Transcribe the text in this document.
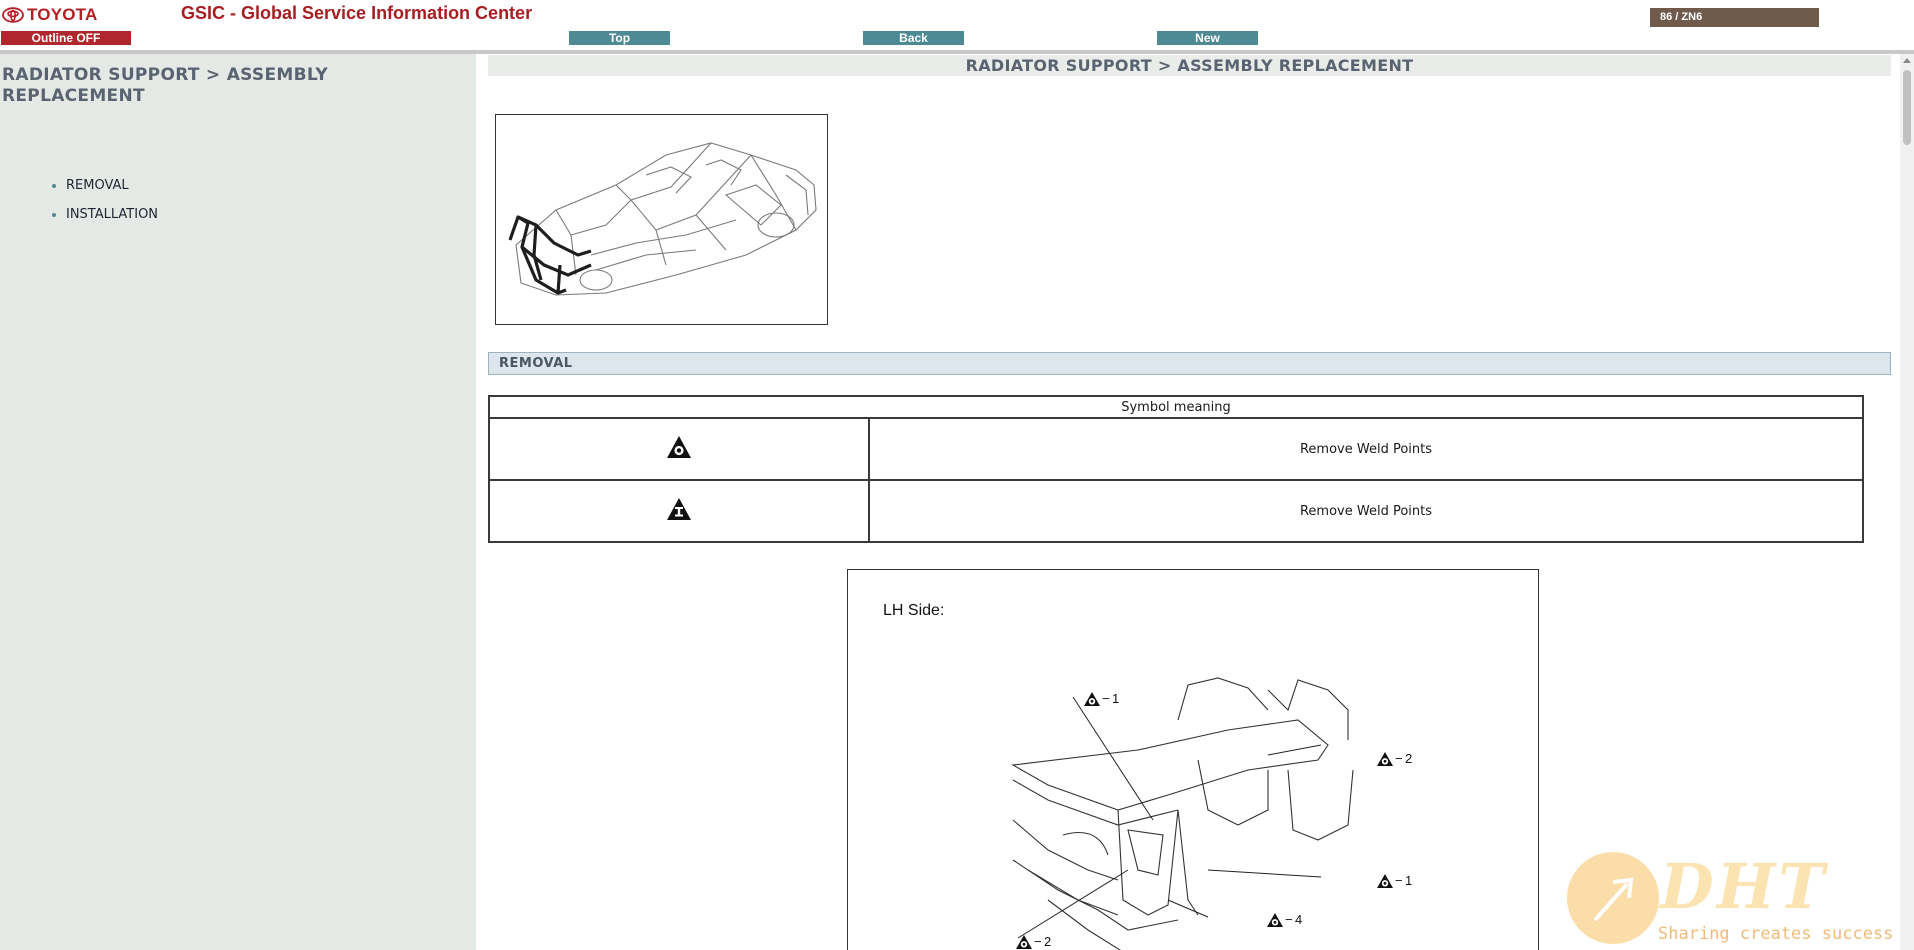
TOYOTA	GSIC - Global Service Information Center
Outline OFF	Top	Back	New
86 / ZN6
RADIATOR SUPPORT > ASSEMBLY REPLACEMENT
REMOVAL
INSTALLATION
RADIATOR SUPPORT > ASSEMBLY REPLACEMENT
REMOVAL
Symbol meaning	
	Remove Weld Points
	Remove Weld Points
LH Side:
− 1
− 2
− 1
− 4
− 2
DHT
Sharing creates success
